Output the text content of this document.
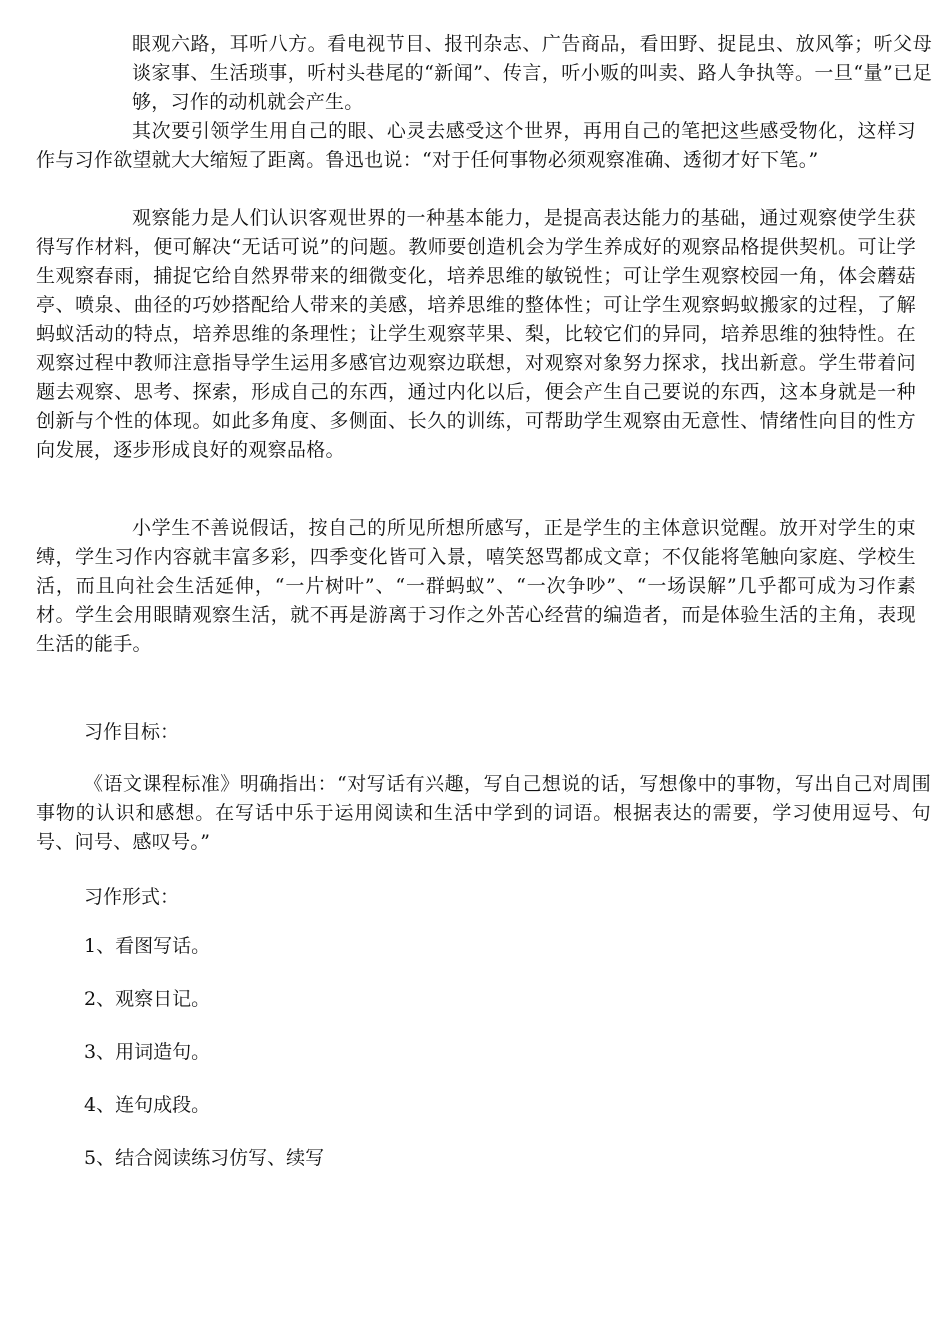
眼观六路，耳听八方。看电视节目、报刊杂志、广告商品，看田野、捉昆虫、放风筝；听父母谈家事、生活琐事，听村头巷尾的“新闻”、传言，听小贩的叫卖、路人争执等。一旦“量”已足够，习作的动机就会产生。

其次要引领学生用自己的眼、心灵去感受这个世界，再用自己的笔把这些感受物化，这样习作与习作欲望就大大缩短了距离。鲁迅也说：“对于任何事物必须观察准确、透彻才好下笔。”

观察能力是人们认识客观世界的一种基本能力，是提高表达能力的基础，通过观察使学生获得写作材料，便可解决“无话可说”的问题。教师要创造机会为学生养成好的观察品格提供契机。可让学生观察春雨，捕捉它给自然界带来的细微变化，培养思维的敏锐性；可让学生观察校园一角，体会蘑菇亭、喷泉、曲径的巧妙搭配给人带来的美感，培养思维的整体性；可让学生观察蚂蚁搬家的过程，了解蚂蚁活动的特点，培养思维的条理性；让学生观察苹果、梨，比较它们的异同，培养思维的独特性。在观察过程中教师注意指导学生运用多感官边观察边联想，对观察对象努力探求，找出新意。学生带着问题去观察、思考、探索，形成自己的东西，通过内化以后，便会产生自己要说的东西，这本身就是一种创新与个性的体现。如此多角度、多侧面、长久的训练，可帮助学生观察由无意性、情绪性向目的性方向发展，逐步形成良好的观察品格。

小学生不善说假话，按自己的所见所想所感写，正是学生的主体意识觉醒。放开对学生的束缚，学生习作内容就丰富多彩，四季变化皆可入景，嘻笑怒骂都成文章；不仅能将笔触向家庭、学校生活，而且向社会生活延伸，“一片树叶”、“一群蚂蚁”、“一次争吵”、“一场误解”几乎都可成为习作素材。学生会用眼睛观察生活，就不再是游离于习作之外苦心经营的编造者，而是体验生活的主角，表现生活的能手。

习作目标：

《语文课程标准》明确指出：“对写话有兴趣，写自己想说的话，写想像中的事物，写出自己对周围事物的认识和感想。在写话中乐于运用阅读和生活中学到的词语。根据表达的需要，学习使用逗号、句号、问号、感叹号。”

习作形式：

1、看图写话。
2、观察日记。
3、用词造句。
4、连句成段。
5、结合阅读练习仿写、续写
